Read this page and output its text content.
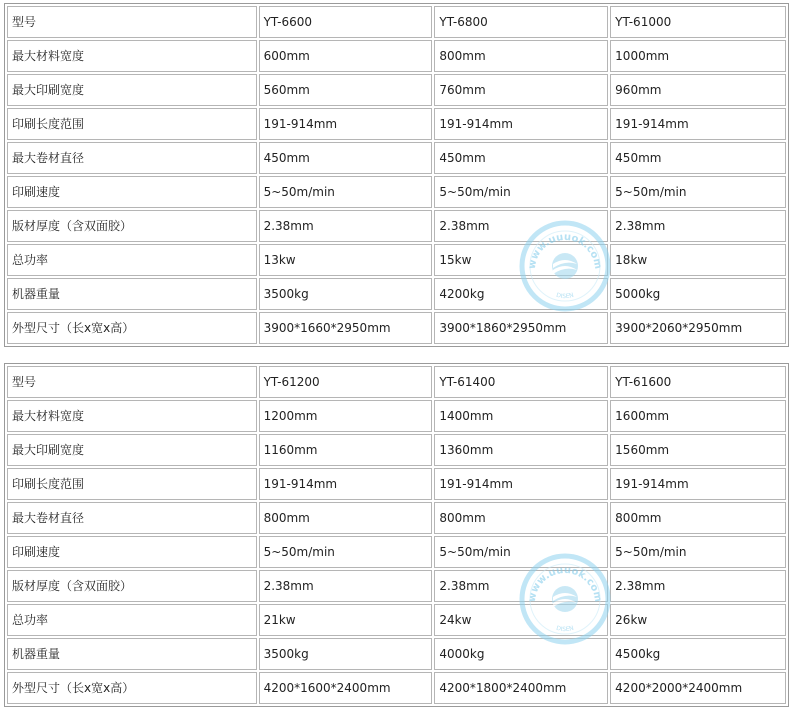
型号	YT-6600	YT-6800	YT-61000
最大材料宽度	600mm	800mm	1000mm
最大印刷宽度	560mm	760mm	960mm
印刷长度范围	191-914mm	191-914mm	191-914mm
最大卷材直径	450mm	450mm	450mm
印刷速度	5~50m/min	5~50m/min	5~50m/min
版材厚度（含双面胶）	2.38mm	2.38mm	2.38mm
总功率	13kw	15kw	18kw
机器重量	3500kg	4200kg	5000kg
外型尺寸（长x宽x高）	3900*1660*2950mm	3900*1860*2950mm	3900*2060*2950mm
型号	YT-61200	YT-61400	YT-61600
最大材料宽度	1200mm	1400mm	1600mm
最大印刷宽度	1160mm	1360mm	1560mm
印刷长度范围	191-914mm	191-914mm	191-914mm
最大卷材直径	800mm	800mm	800mm
印刷速度	5~50m/min	5~50m/min	5~50m/min
版材厚度（含双面胶）	2.38mm	2.38mm	2.38mm
总功率	21kw	24kw	26kw
机器重量	3500kg	4000kg	4500kg
外型尺寸（长x宽x高）	4200*1600*2400mm	4200*1800*2400mm	4200*2000*2400mm
www.uuuok.com
DISEN
www.uuuok.com
DISEN
